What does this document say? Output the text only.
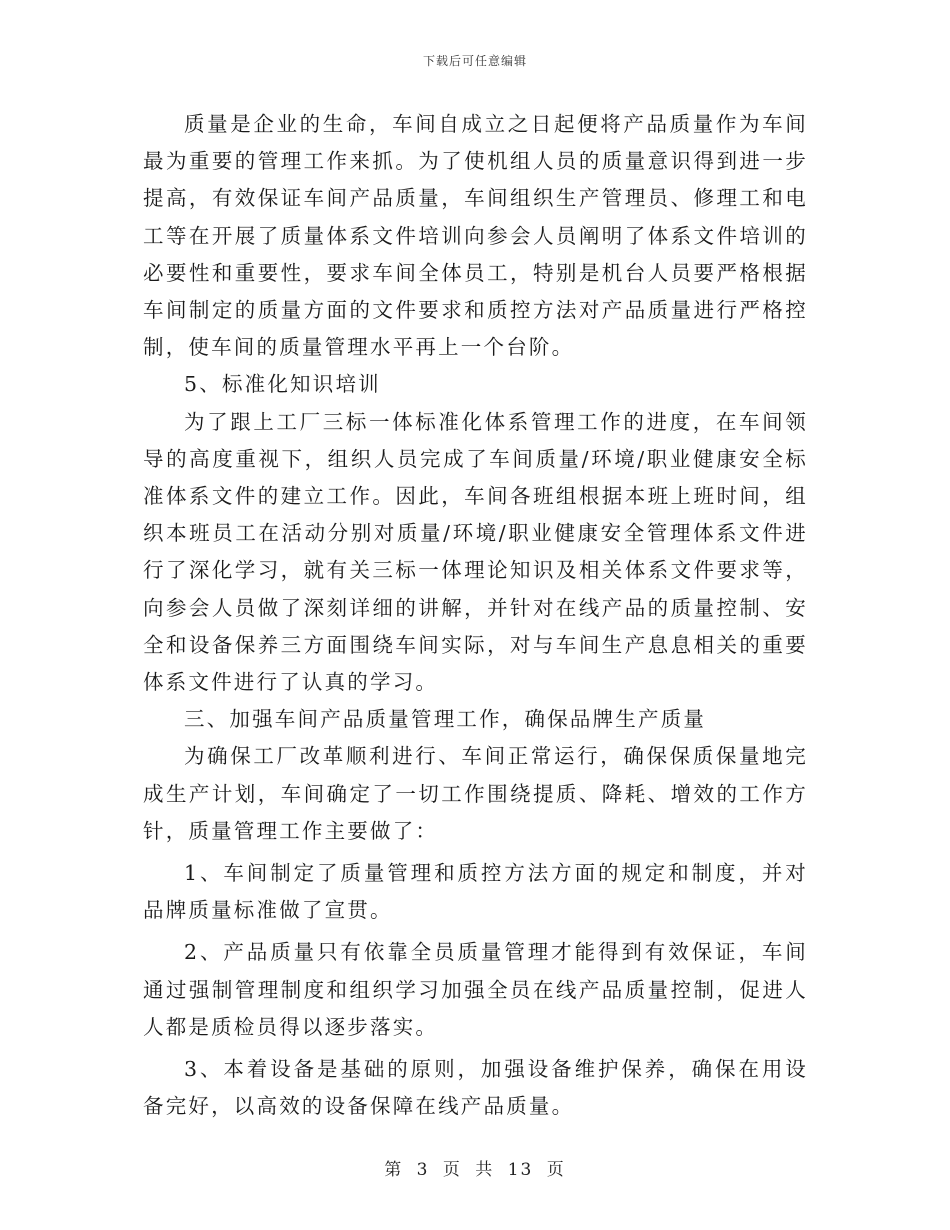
下载后可任意编辑

质量是企业的生命，车间自成立之日起便将产品质量作为车间最为重要的管理工作来抓。为了使机组人员的质量意识得到进一步提高，有效保证车间产品质量，车间组织生产管理员、修理工和电工等在开展了质量体系文件培训向参会人员阐明了体系文件培训的必要性和重要性，要求车间全体员工，特别是机台人员要严格根据车间制定的质量方面的文件要求和质控方法对产品质量进行严格控制，使车间的质量管理水平再上一个台阶。

5、标准化知识培训

为了跟上工厂三标一体标准化体系管理工作的进度，在车间领导的高度重视下，组织人员完成了车间质量/环境/职业健康安全标准体系文件的建立工作。因此，车间各班组根据本班上班时间，组织本班员工在活动分别对质量/环境/职业健康安全管理体系文件进行了深化学习，就有关三标一体理论知识及相关体系文件要求等，向参会人员做了深刻详细的讲解，并针对在线产品的质量控制、安全和设备保养三方面围绕车间实际，对与车间生产息息相关的重要体系文件进行了认真的学习。

三、加强车间产品质量管理工作，确保品牌生产质量

为确保工厂改革顺利进行、车间正常运行，确保保质保量地完成生产计划，车间确定了一切工作围绕提质、降耗、增效的工作方针，质量管理工作主要做了：

1、车间制定了质量管理和质控方法方面的规定和制度，并对品牌质量标准做了宣贯。

2、产品质量只有依靠全员质量管理才能得到有效保证，车间通过强制管理制度和组织学习加强全员在线产品质量控制，促进人人都是质检员得以逐步落实。

3、本着设备是基础的原则，加强设备维护保养，确保在用设备完好，以高效的设备保障在线产品质量。

第 3 页 共 13 页
